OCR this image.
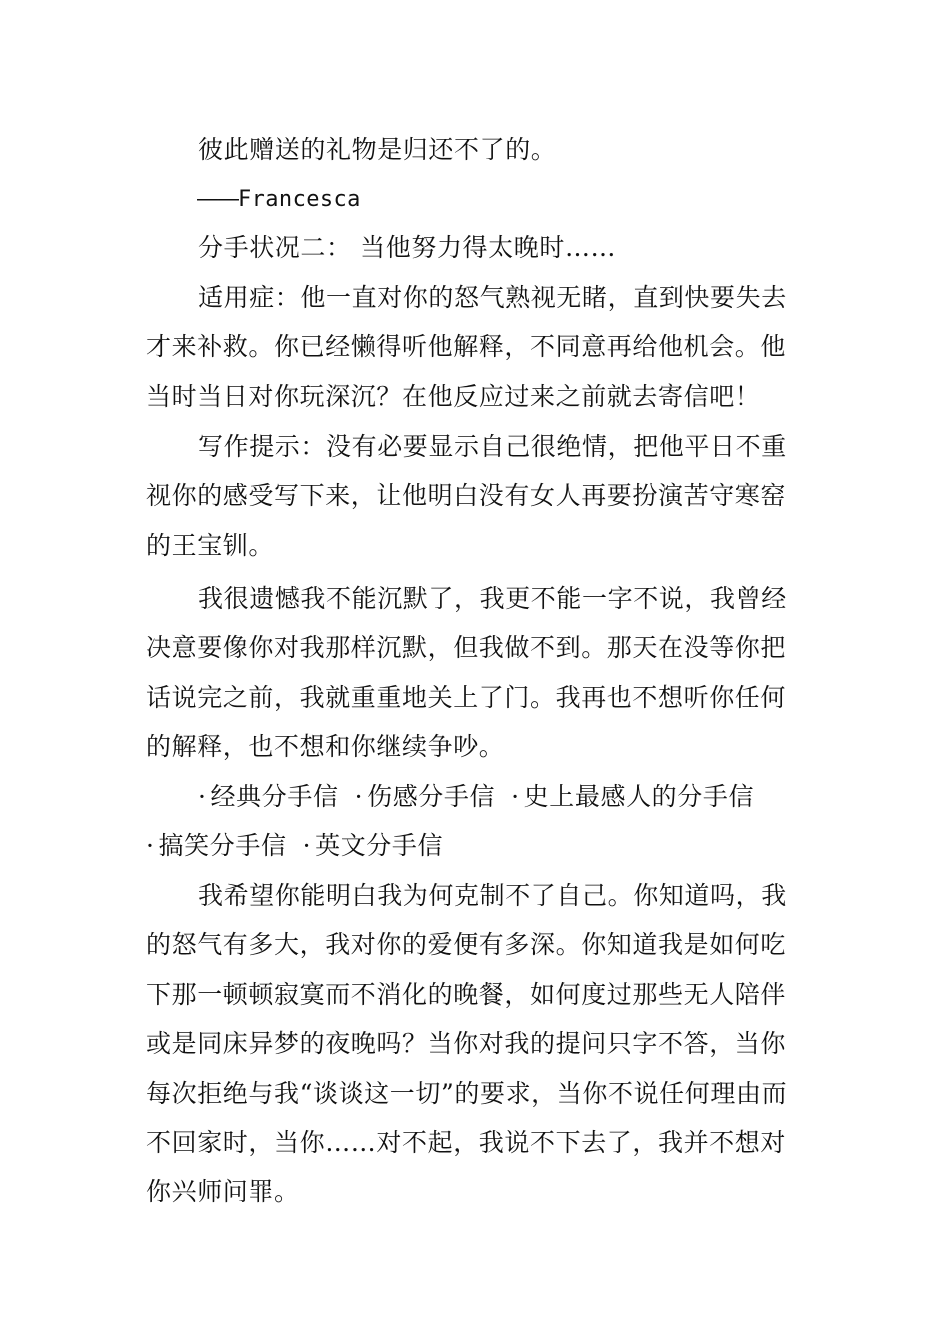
彼此赠送的礼物是归还不了的。
——Francesca
分手状况二： 当他努力得太晚时……
适用症：他一直对你的怒气熟视无睹，直到快要失去才来补救。你已经懒得听他解释，不同意再给他机会。他当时当日对你玩深沉？在他反应过来之前就去寄信吧！
写作提示：没有必要显示自己很绝情，把他平日不重视你的感受写下来，让他明白没有女人再要扮演苦守寒窑的王宝钏。
我很遗憾我不能沉默了，我更不能一字不说，我曾经决意要像你对我那样沉默，但我做不到。那天在没等你把话说完之前，我就重重地关上了门。我再也不想听你任何的解释，也不想和你继续争吵。
· 经典分手信 · 伤感分手信 · 史上最感人的分手信· 搞笑分手信 · 英文分手信
我希望你能明白我为何克制不了自己。你知道吗，我的怒气有多大，我对你的爱便有多深。你知道我是如何吃下那一顿顿寂寞而不消化的晚餐，如何度过那些无人陪伴或是同床异梦的夜晚吗？当你对我的提问只字不答，当你每次拒绝与我“谈谈这一切”的要求，当你不说任何理由而不回家时，当你……对不起，我说不下去了，我并不想对你兴师问罪。
